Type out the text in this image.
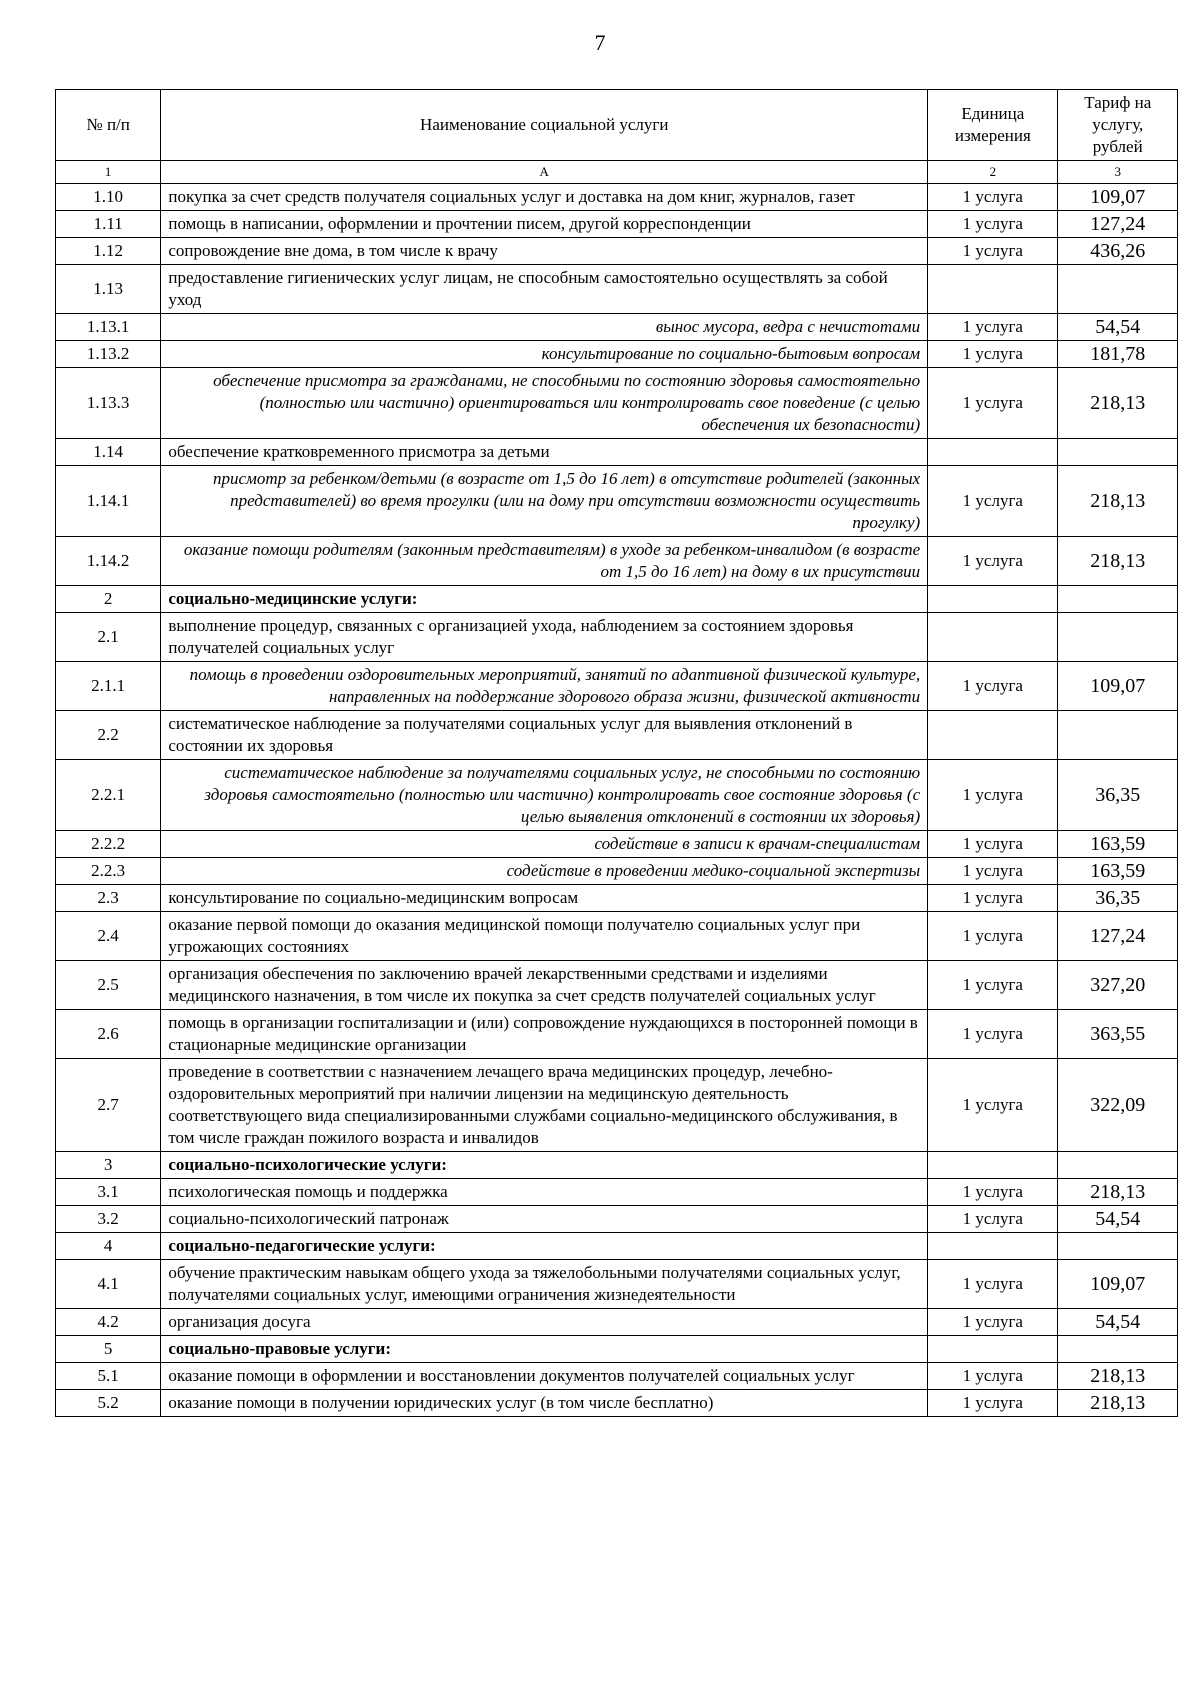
7
№ п/п	Наименование социальной услуги	Единица измерения	Тариф на услугу, рублей
1	А	2	3
1.10	покупка за счет средств получателя социальных услуг и доставка на дом книг, журналов, газет	1 услуга	109,07
1.11	помощь в написании, оформлении и прочтении писем, другой корреспонденции	1 услуга	127,24
1.12	сопровождение вне дома, в том числе к врачу	1 услуга	436,26
1.13	предоставление гигиенических услуг лицам, не способным самостоятельно осуществлять за собой уход		
1.13.1	вынос мусора, ведра с нечистотами	1 услуга	54,54
1.13.2	консультирование по социально-бытовым вопросам	1 услуга	181,78
1.13.3	обеспечение присмотра за гражданами, не способными по состоянию здоровья самостоятельно (полностью или частично) ориентироваться или контролировать свое поведение (с целью обеспечения их безопасности)	1 услуга	218,13
1.14	обеспечение кратковременного присмотра за детьми		
1.14.1	присмотр за ребенком/детьми (в возрасте от 1,5 до 16 лет) в отсутствие родителей (законных представителей) во время прогулки (или на дому при отсутствии возможности осуществить прогулку)	1 услуга	218,13
1.14.2	оказание помощи родителям (законным представителям) в уходе за ребенком-инвалидом (в возрасте от 1,5 до 16 лет) на дому в их присутствии	1 услуга	218,13
2	социально-медицинские услуги:		
2.1	выполнение процедур, связанных с организацией ухода, наблюдением за состоянием здоровья получателей социальных услуг		
2.1.1	помощь в проведении оздоровительных мероприятий, занятий по адаптивной физической культуре, направленных на поддержание здорового образа жизни, физической активности	1 услуга	109,07
2.2	систематическое наблюдение за получателями социальных услуг для выявления отклонений в состоянии их здоровья		
2.2.1	систематическое наблюдение за получателями социальных услуг, не способными по состоянию здоровья самостоятельно (полностью или частично) контролировать свое состояние здоровья (с целью выявления отклонений в состоянии их здоровья)	1 услуга	36,35
2.2.2	содействие в записи к врачам-специалистам	1 услуга	163,59
2.2.3	содействие в проведении медико-социальной экспертизы	1 услуга	163,59
2.3	консультирование по социально-медицинским вопросам	1 услуга	36,35
2.4	оказание первой помощи до оказания медицинской помощи получателю социальных услуг при угрожающих состояниях	1 услуга	127,24
2.5	организация обеспечения по заключению врачей лекарственными средствами и изделиями медицинского назначения, в том числе их покупка за счет средств получателей социальных услуг	1 услуга	327,20
2.6	помощь в организации госпитализации и (или) сопровождение нуждающихся в посторонней помощи в стационарные медицинские организации	1 услуга	363,55
2.7	проведение в соответствии с назначением лечащего врача медицинских процедур, лечебно-оздоровительных мероприятий при наличии лицензии на медицинскую деятельность соответствующего вида специализированными службами социально-медицинского обслуживания, в том числе граждан пожилого возраста и инвалидов	1 услуга	322,09
3	социально-психологические услуги:		
3.1	психологическая помощь и поддержка	1 услуга	218,13
3.2	социально-психологический патронаж	1 услуга	54,54
4	социально-педагогические услуги:		
4.1	обучение практическим навыкам общего ухода за тяжелобольными получателями социальных услуг, получателями социальных услуг, имеющими ограничения жизнедеятельности	1 услуга	109,07
4.2	организация досуга	1 услуга	54,54
5	социально-правовые услуги:		
5.1	оказание помощи в оформлении и восстановлении документов получателей социальных услуг	1 услуга	218,13
5.2	оказание помощи в получении юридических услуг (в том числе бесплатно)	1 услуга	218,13
